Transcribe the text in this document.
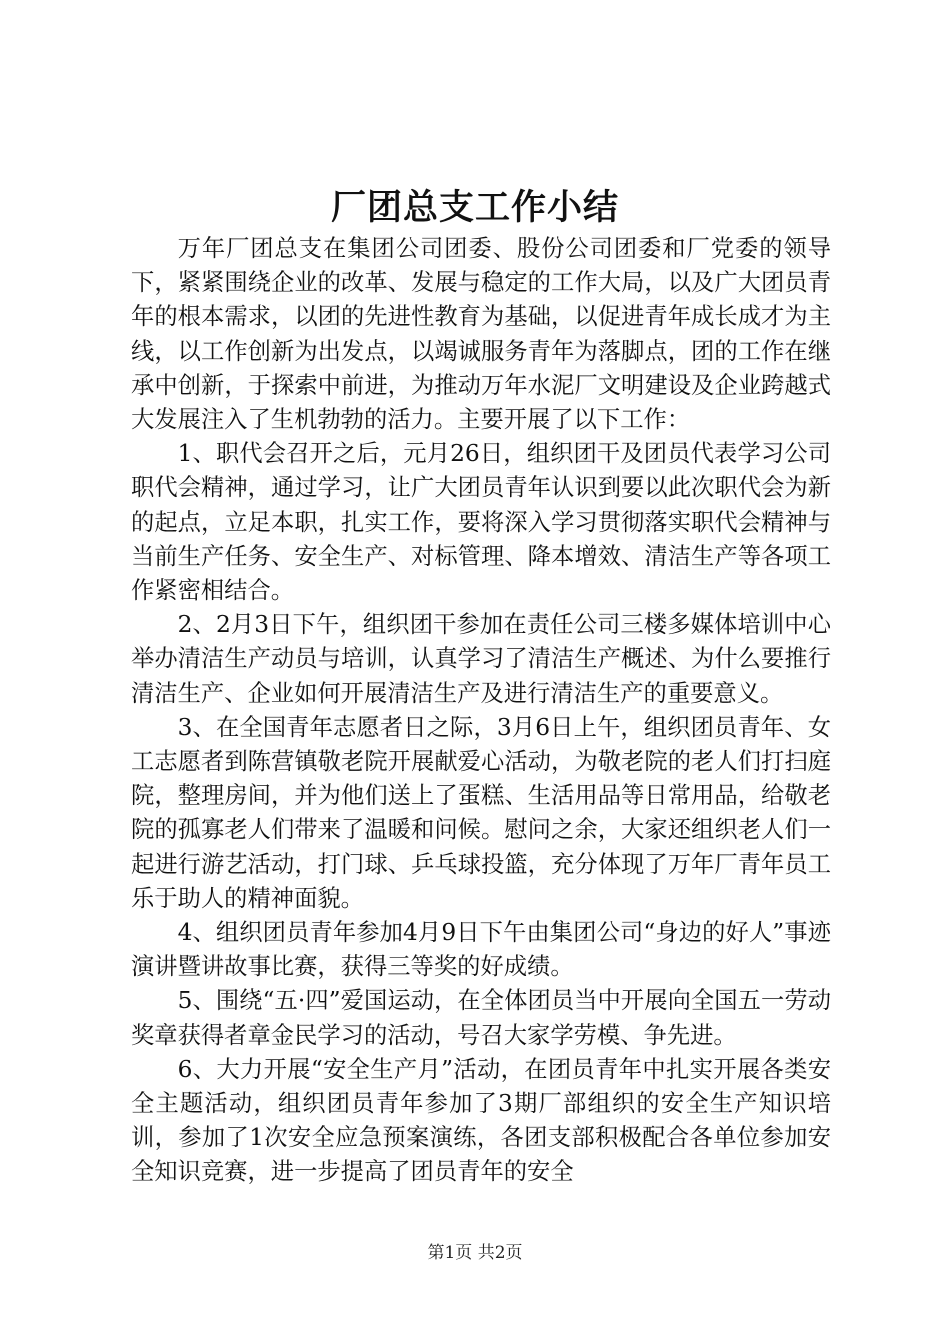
厂团总支工作小结

万年厂团总支在集团公司团委、股份公司团委和厂党委的领导下，紧紧围绕企业的改革、发展与稳定的工作大局，以及广大团员青年的根本需求，以团的先进性教育为基础，以促进青年成长成才为主线，以工作创新为出发点，以竭诚服务青年为落脚点，团的工作在继承中创新，于探索中前进，为推动万年水泥厂文明建设及企业跨越式大发展注入了生机勃勃的活力。主要开展了以下工作：

1、职代会召开之后，元月26日，组织团干及团员代表学习公司职代会精神，通过学习，让广大团员青年认识到要以此次职代会为新的起点，立足本职，扎实工作，要将深入学习贯彻落实职代会精神与当前生产任务、安全生产、对标管理、降本增效、清洁生产等各项工作紧密相结合。

2、2月3日下午，组织团干参加在责任公司三楼多媒体培训中心举办清洁生产动员与培训，认真学习了清洁生产概述、为什么要推行清洁生产、企业如何开展清洁生产及进行清洁生产的重要意义。

3、在全国青年志愿者日之际，3月6日上午，组织团员青年、女工志愿者到陈营镇敬老院开展献爱心活动，为敬老院的老人们打扫庭院，整理房间，并为他们送上了蛋糕、生活用品等日常用品，给敬老院的孤寡老人们带来了温暖和问候。慰问之余，大家还组织老人们一起进行游艺活动，打门球、乒乓球投篮，充分体现了万年厂青年员工乐于助人的精神面貌。

4、组织团员青年参加4月9日下午由集团公司“身边的好人”事迹演讲暨讲故事比赛，获得三等奖的好成绩。

5、围绕“五·四”爱国运动，在全体团员当中开展向全国五一劳动奖章获得者章金民学习的活动，号召大家学劳模、争先进。

6、大力开展“安全生产月”活动，在团员青年中扎实开展各类安全主题活动，组织团员青年参加了3期厂部组织的安全生产知识培训，参加了1次安全应急预案演练，各团支部积极配合各单位参加安全知识竞赛，进一步提高了团员青年的安全

第1页 共2页
